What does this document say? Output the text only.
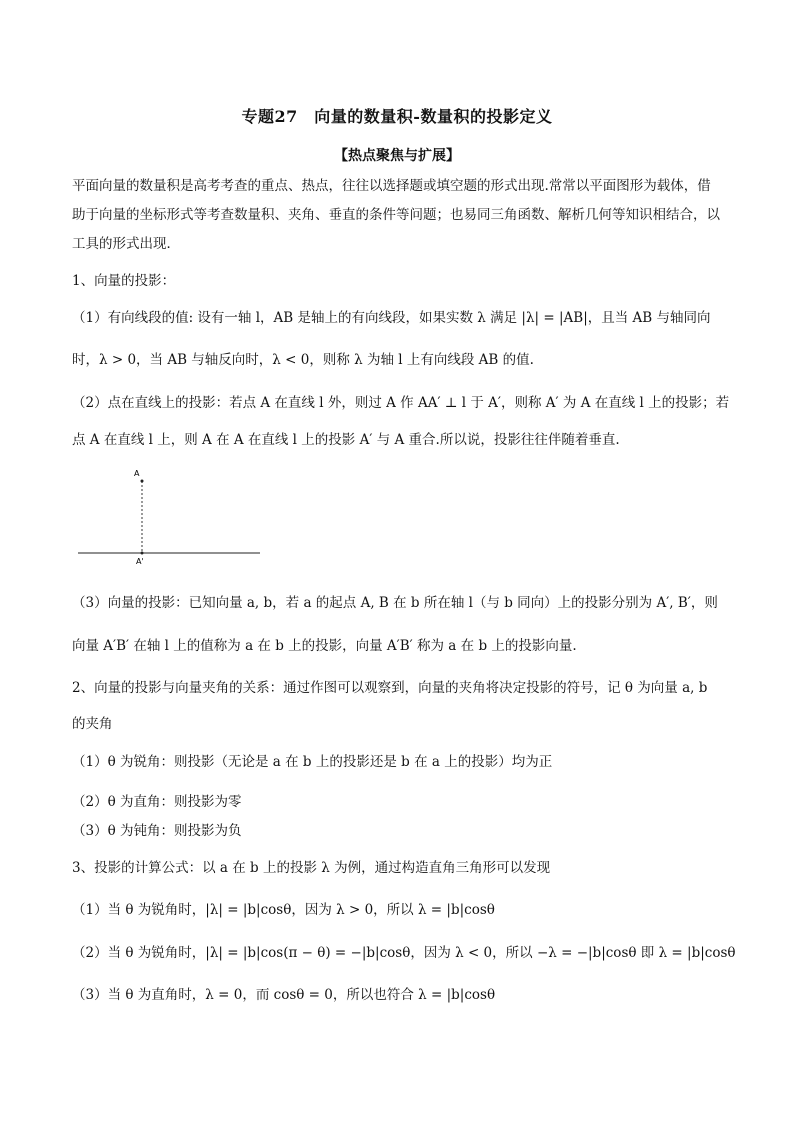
专题27　向量的数量积-数量积的投影定义
【热点聚焦与扩展】
平面向量的数量积是高考考查的重点、热点，往往以选择题或填空题的形式出现.常常以平面图形为载体，借助于向量的坐标形式等考查数量积、夹角、垂直的条件等问题；也易同三角函数、解析几何等知识相结合，以工具的形式出现．
1、向量的投影：
（1）有向线段的值: 设有一轴 l，AB 是轴上的有向线段，如果实数 λ 满足 |λ| = |AB|，且当 AB 与轴同向
时，λ > 0，当 AB 与轴反向时，λ < 0，则称 λ 为轴 l 上有向线段 AB 的值.
（2）点在直线上的投影：若点 A 在直线 l 外，则过 A 作 AA′ ⊥ l 于 A′，则称 A′ 为 A 在直线 l 上的投影；若
点 A 在直线 l 上，则 A 在 A 在直线 l 上的投影 A′ 与 A 重合.所以说，投影往往伴随着垂直.
A
A'
（3）向量的投影：已知向量 a, b，若 a 的起点 A, B 在 b 所在轴 l（与 b 同向）上的投影分别为 A′, B′，则
向量 A′B′ 在轴 l 上的值称为 a 在 b 上的投影，向量 A′B′ 称为 a 在 b 上的投影向量.
2、向量的投影与向量夹角的关系：通过作图可以观察到，向量的夹角将决定投影的符号，记 θ 为向量 a, b
的夹角
（1）θ 为锐角：则投影（无论是 a 在 b 上的投影还是 b 在 a 上的投影）均为正
（2）θ 为直角：则投影为零
（3）θ 为钝角：则投影为负
3、投影的计算公式：以 a 在 b 上的投影 λ 为例，通过构造直角三角形可以发现
（1）当 θ 为锐角时，|λ| = |b|cosθ，因为 λ > 0，所以 λ = |b|cosθ
（2）当 θ 为锐角时，|λ| = |b|cos(π − θ) = −|b|cosθ，因为 λ < 0，所以 −λ = −|b|cosθ 即 λ = |b|cosθ
（3）当 θ 为直角时，λ = 0，而 cosθ = 0，所以也符合 λ = |b|cosθ
